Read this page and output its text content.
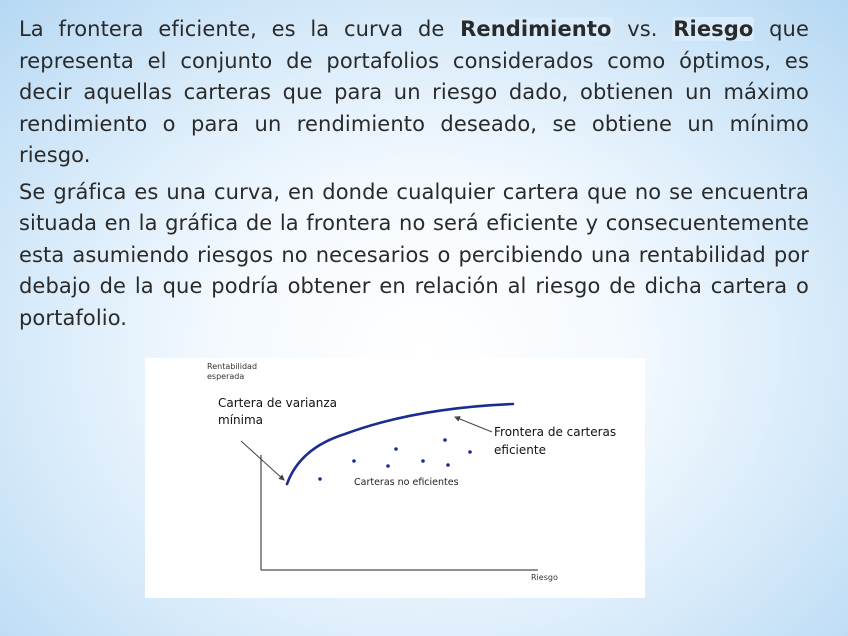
La frontera eficiente, es la curva de Rendimiento vs. Riesgo que representa el conjunto de portafolios considerados como óptimos, es decir aquellas carteras que para un riesgo dado, obtienen un máximo rendimiento o para un rendimiento deseado, se obtiene un mínimo riesgo.

Se gráfica es una curva, en donde cualquier cartera que no se encuentra situada en la gráfica de la frontera no será eficiente y consecuentemente esta asumiendo riesgos no necesarios o percibiendo una rentabilidad por debajo de la que podría obtener en relación al riesgo de dicha cartera o portafolio.

Rentabilidad esperada
Cartera de varianza mínima
Frontera de carteras eficiente
Carteras no eficientes
Riesgo
